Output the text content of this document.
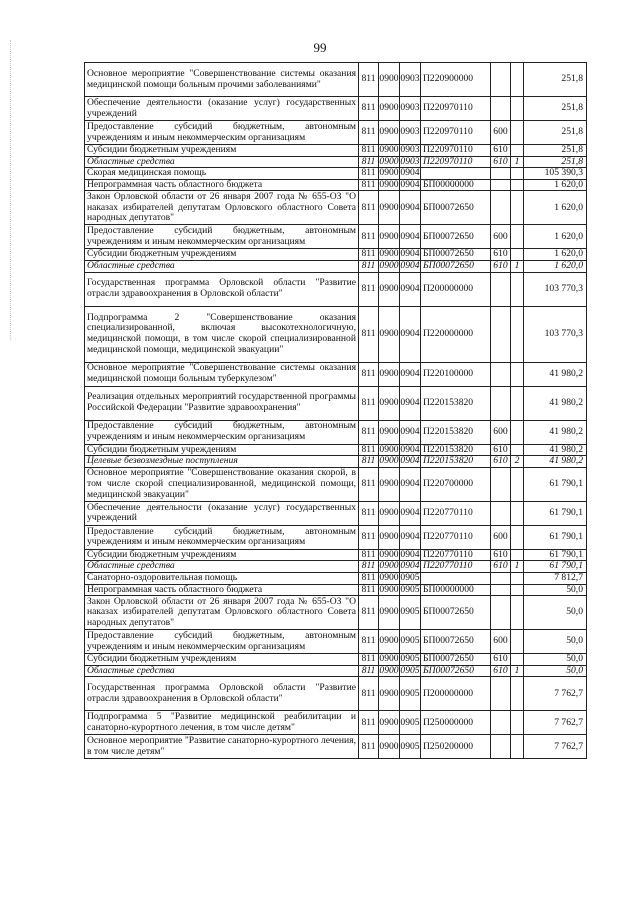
99
Основное мероприятие "Совершенствование системы оказания медицинской помощи больным прочими заболеваниями"	811	0900	0903	П220900000			251,8
Обеспечение деятельности (оказание услуг) государственных учреждений	811	0900	0903	П220970110			251,8
Предоставление субсидий бюджетным, автономным учреждениям и иным некоммерческим организациям	811	0900	0903	П220970110	600		251,8
Субсидии бюджетным учреждениям	811	0900	0903	П220970110	610		251,8
Областные средства	811	0900	0903	П220970110	610	1	251,8
Скорая медицинская помощь	811	0900	0904				105 390,3
Непрограммная часть областного бюджета	811	0900	0904	БП00000000			1 620,0
Закон Орловской области от 26 января 2007 года № 655-ОЗ "О наказах избирателей депутатам Орловского областного Совета народных депутатов"	811	0900	0904	БП00072650			1 620,0
Предоставление субсидий бюджетным, автономным учреждениям и иным некоммерческим организациям	811	0900	0904	БП00072650	600		1 620,0
Субсидии бюджетным учреждениям	811	0900	0904	БП00072650	610		1 620,0
Областные средства	811	0900	0904	БП00072650	610	1	1 620,0
Государственная программа Орловской области "Развитие отрасли здравоохранения в Орловской области"	811	0900	0904	П200000000			103 770,3
Подпрограмма 2 "Совершенствование оказания специализированной, включая высокотехнологичную, медицинской помощи, в том числе скорой специализированной медицинской помощи, медицинской эвакуации"	811	0900	0904	П220000000			103 770,3
Основное мероприятие "Совершенствование системы оказания медицинской помощи больным туберкулезом"	811	0900	0904	П220100000			41 980,2
Реализация отдельных мероприятий государственной программы Российской Федерации "Развитие здравоохранения"	811	0900	0904	П220153820			41 980,2
Предоставление субсидий бюджетным, автономным учреждениям и иным некоммерческим организациям	811	0900	0904	П220153820	600		41 980,2
Субсидии бюджетным учреждениям	811	0900	0904	П220153820	610		41 980,2
Целевые безвозмездные поступления	811	0900	0904	П220153820	610	2	41 980,2
Основное мероприятие "Совершенствование оказания скорой, в том числе скорой специализированной, медицинской помощи, медицинской эвакуации"	811	0900	0904	П220700000			61 790,1
Обеспечение деятельности (оказание услуг) государственных учреждений	811	0900	0904	П220770110			61 790,1
Предоставление субсидий бюджетным, автономным учреждениям и иным некоммерческим организациям	811	0900	0904	П220770110	600		61 790,1
Субсидии бюджетным учреждениям	811	0900	0904	П220770110	610		61 790,1
Областные средства	811	0900	0904	П220770110	610	1	61 790,1
Санаторно-оздоровительная помощь	811	0900	0905				7 812,7
Непрограммная часть областного бюджета	811	0900	0905	БП00000000			50,0
Закон Орловской области от 26 января 2007 года № 655-ОЗ "О наказах избирателей депутатам Орловского областного Совета народных депутатов"	811	0900	0905	БП00072650			50,0
Предоставление субсидий бюджетным, автономным учреждениям и иным некоммерческим организациям	811	0900	0905	БП00072650	600		50,0
Субсидии бюджетным учреждениям	811	0900	0905	БП00072650	610		50,0
Областные средства	811	0900	0905	БП00072650	610	1	50,0
Государственная программа Орловской области "Развитие отрасли здравоохранения в Орловской области"	811	0900	0905	П200000000			7 762,7
Подпрограмма 5 "Развитие медицинской реабилитации и санаторно-курортного лечения, в том числе детям"	811	0900	0905	П250000000			7 762,7
Основное мероприятие "Развитие санаторно-курортного лечения, в том числе детям"	811	0900	0905	П250200000			7 762,7
